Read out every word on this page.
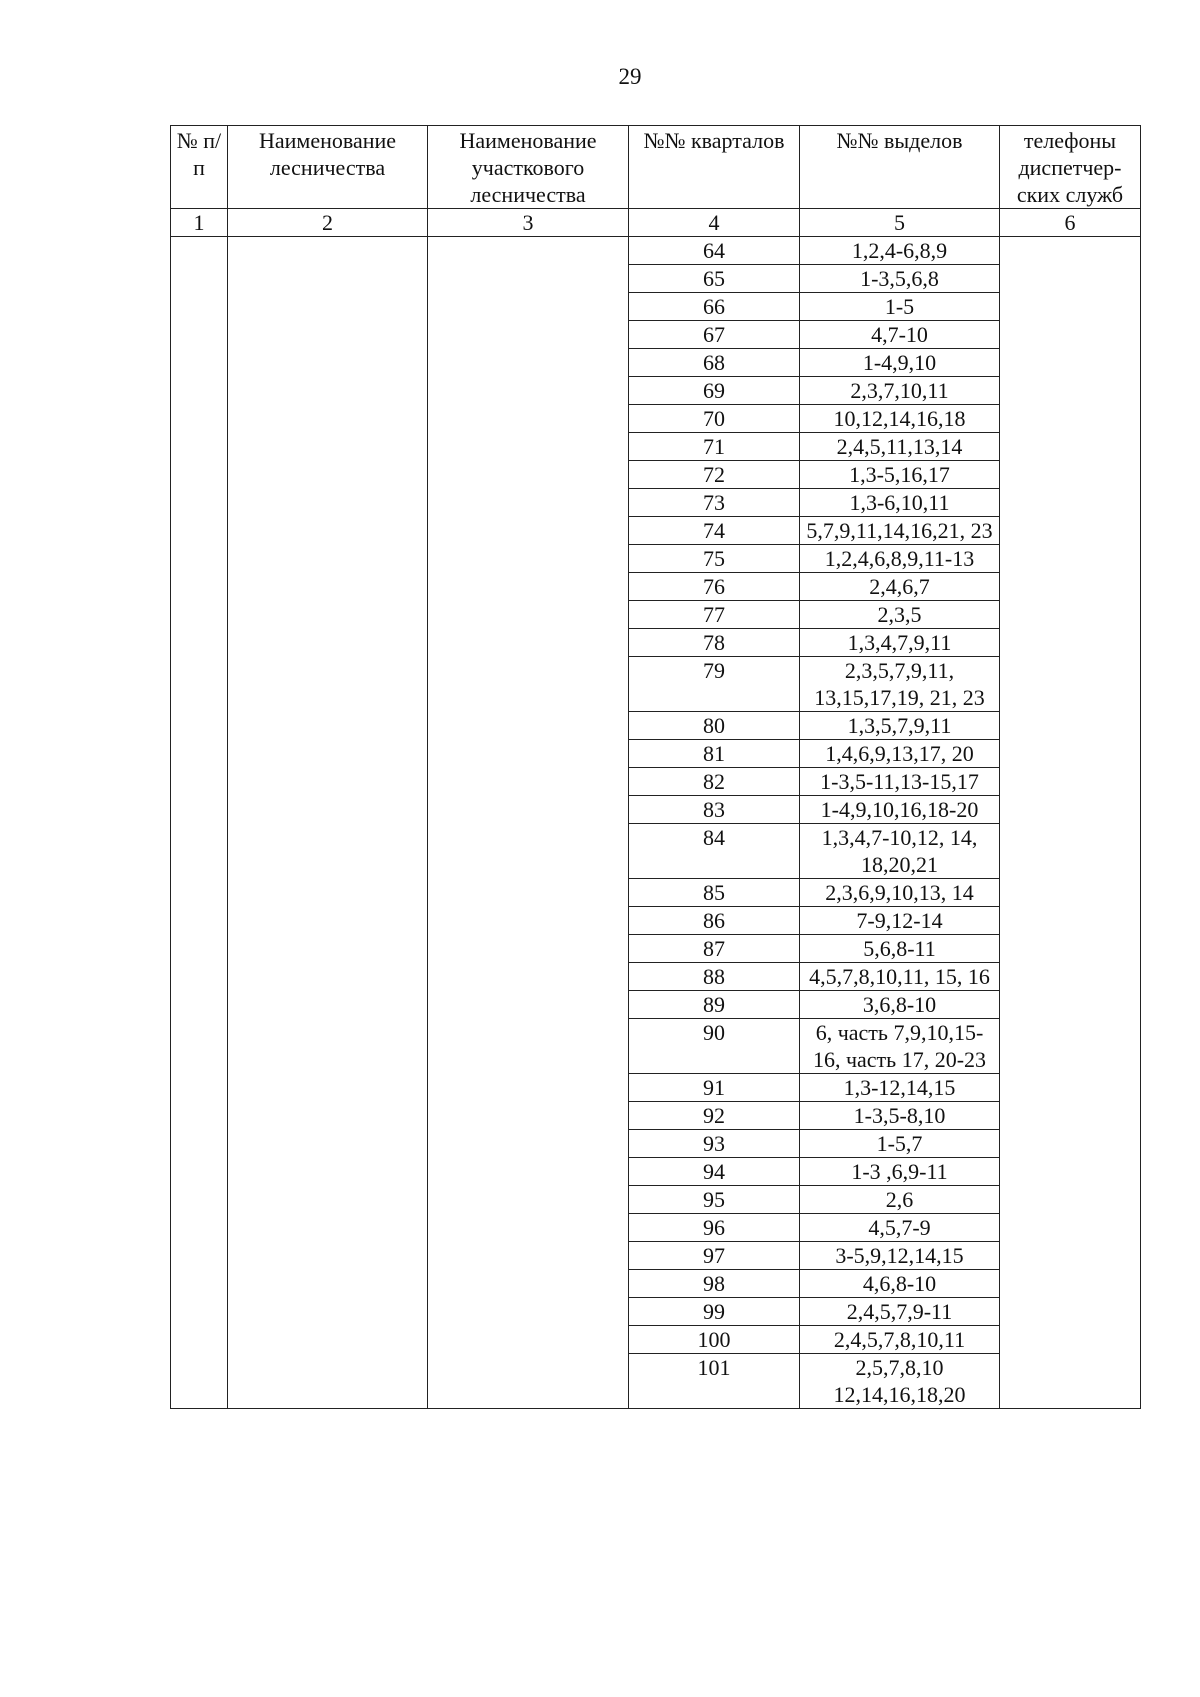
29
№ п/п	Наименование лесничества	Наименование участкового лесничества	№№ кварталов	№№ выделов	телефоны диспетчер-ских служб
1	2	3	4	5	6
			64	1,2,4-6,8,9	
			65	1-3,5,6,8	
			66	1-5	
			67	4,7-10	
			68	1-4,9,10	
			69	2,3,7,10,11	
			70	10,12,14,16,18	
			71	2,4,5,11,13,14	
			72	1,3-5,16,17	
			73	1,3-6,10,11	
			74	5,7,9,11,14,16,21, 23	
			75	1,2,4,6,8,9,11-13	
			76	2,4,6,7	
			77	2,3,5	
			78	1,3,4,7,9,11	
			79	2,3,5,7,9,11, 13,15,17,19, 21, 23	
			80	1,3,5,7,9,11	
			81	1,4,6,9,13,17, 20	
			82	1-3,5-11,13-15,17	
			83	1-4,9,10,16,18-20	
			84	1,3,4,7-10,12, 14, 18,20,21	
			85	2,3,6,9,10,13, 14	
			86	7-9,12-14	
			87	5,6,8-11	
			88	4,5,7,8,10,11, 15, 16	
			89	3,6,8-10	
			90	6, часть 7,9,10,15-16, часть 17, 20-23	
			91	1,3-12,14,15	
			92	1-3,5-8,10	
			93	1-5,7	
			94	1-3 ,6,9-11	
			95	2,6	
			96	4,5,7-9	
			97	3-5,9,12,14,15	
			98	4,6,8-10	
			99	2,4,5,7,9-11	
			100	2,4,5,7,8,10,11	
			101	2,5,7,8,10 12,14,16,18,20	
